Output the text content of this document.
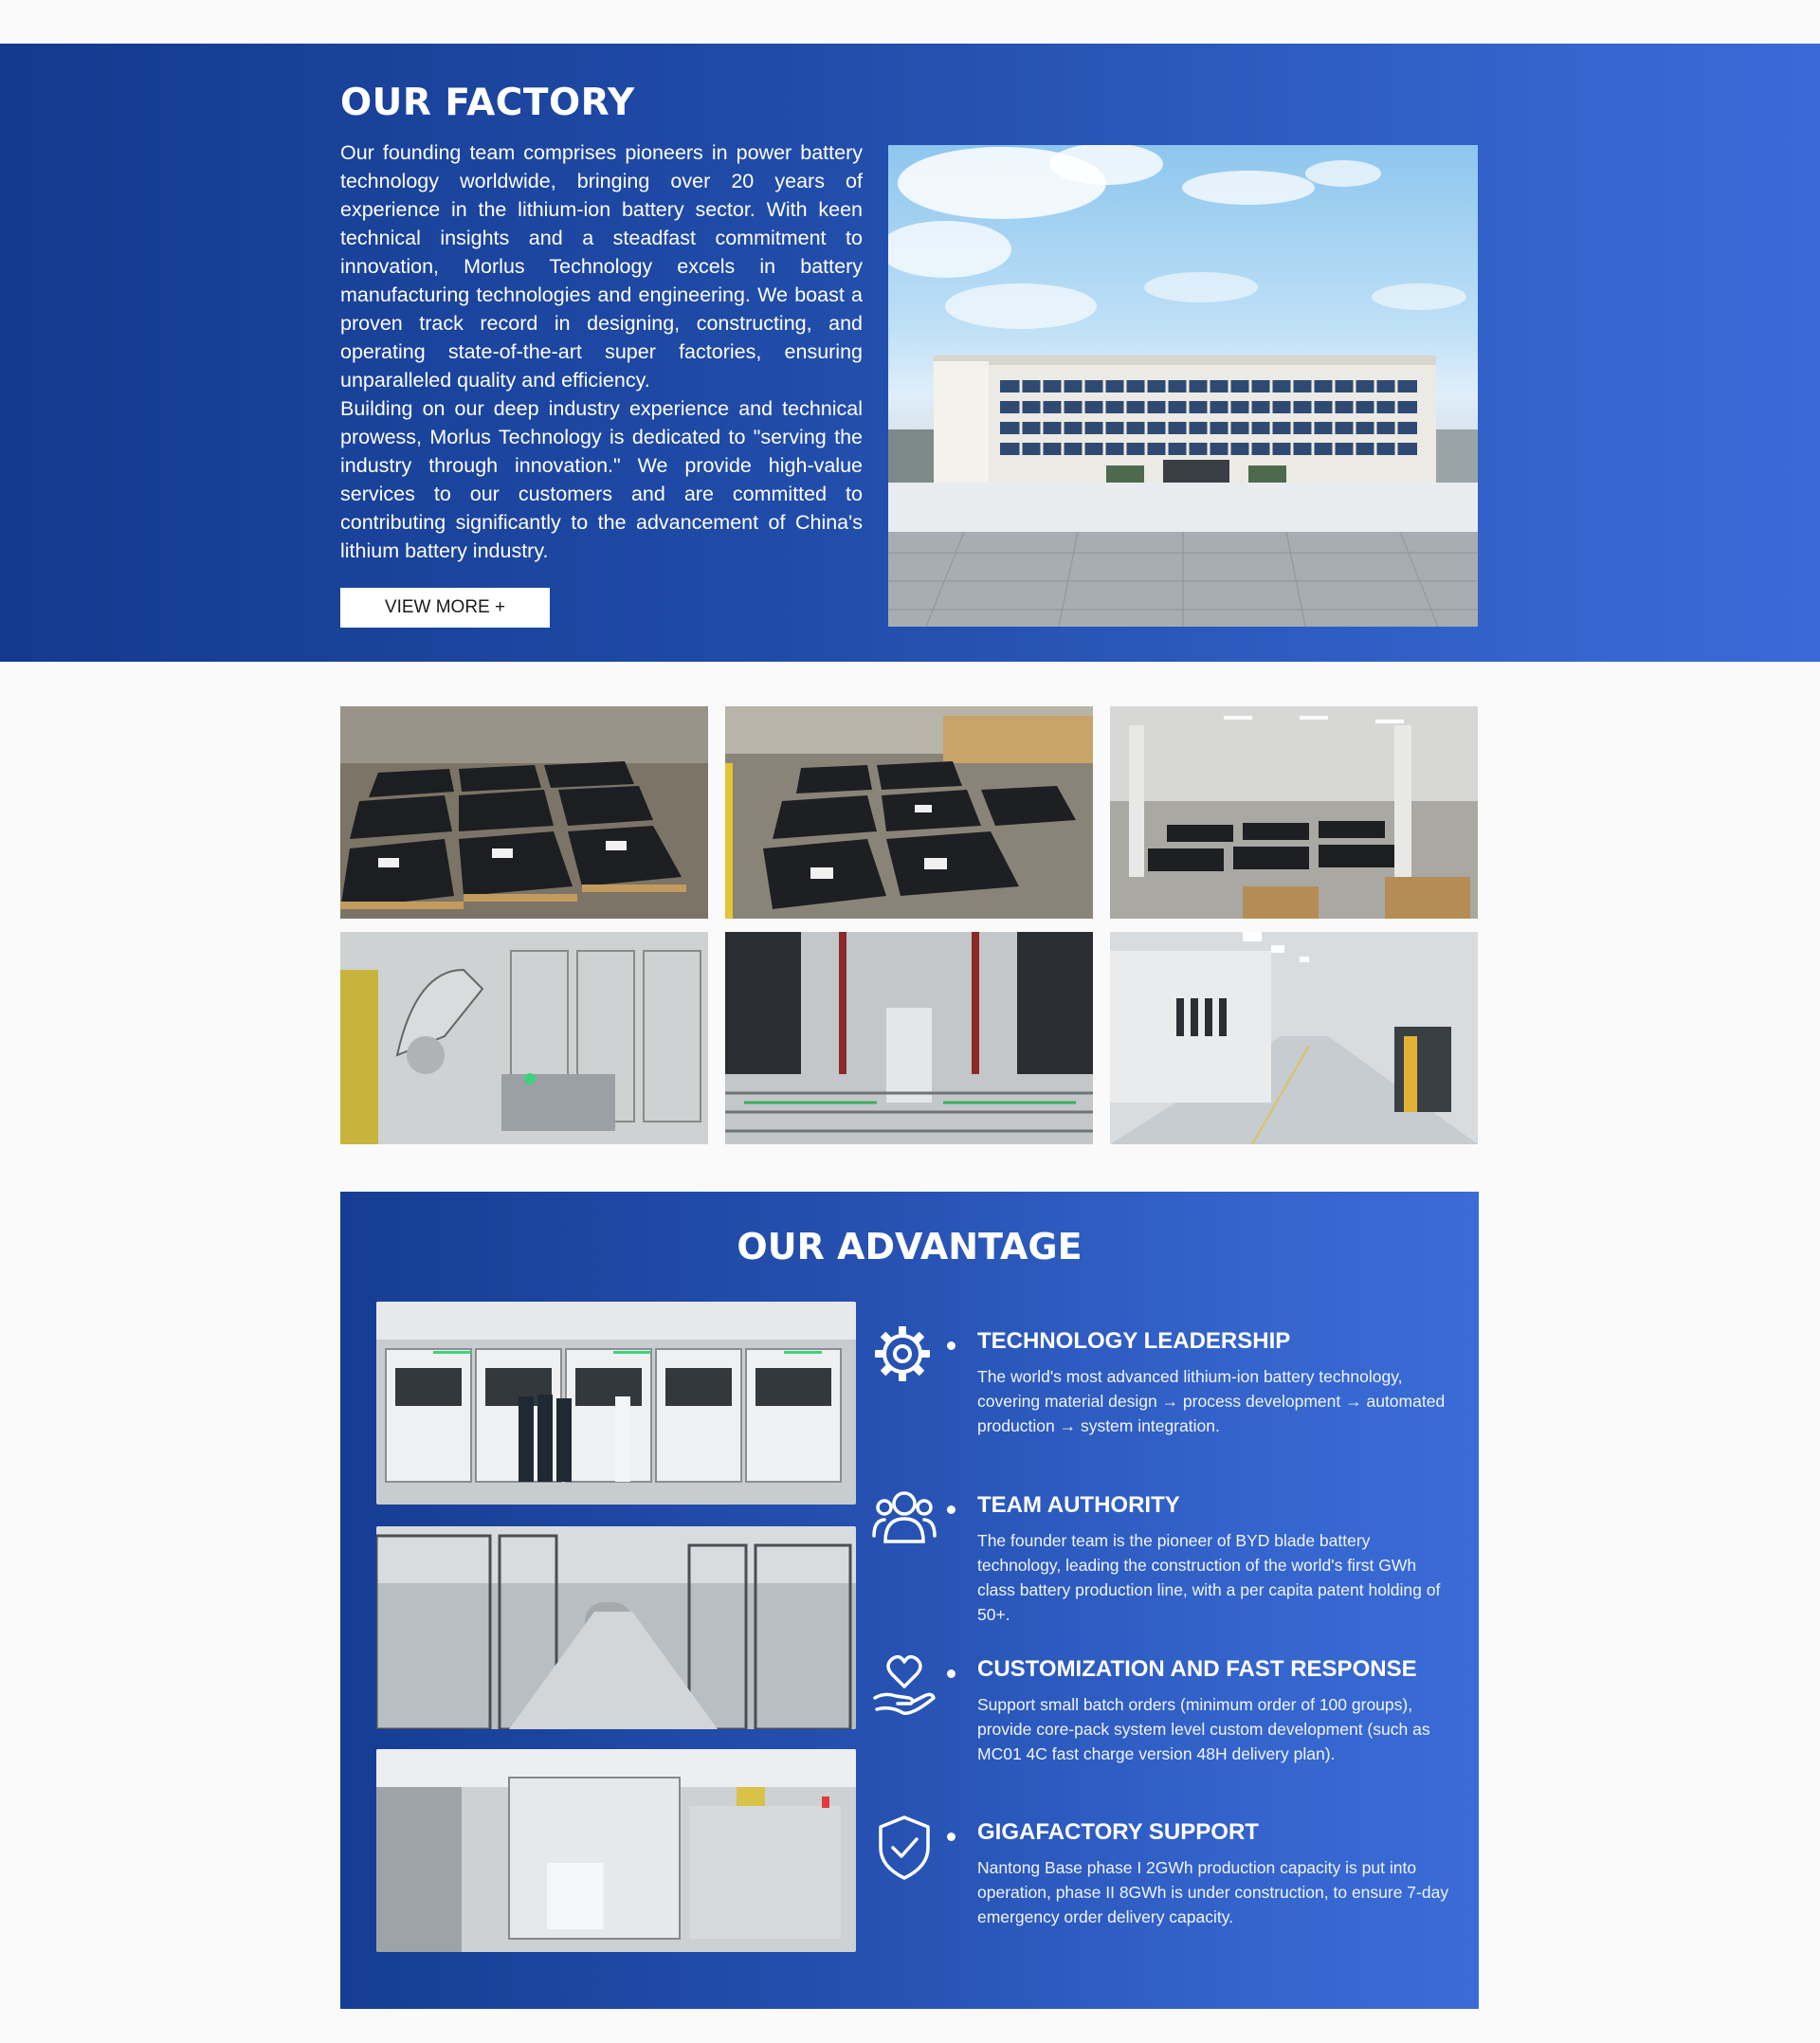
OUR FACTORY

Our founding team comprises pioneers in power battery technology worldwide, bringing over 20 years of experience in the lithium-ion battery sector. With keen technical insights and a steadfast commitment to innovation, Morlus Technology excels in battery manufacturing technologies and engineering. We boast a proven track record in designing, constructing, and operating state-of-the-art super factories, ensuring unparalleled quality and efficiency.

Building on our deep industry experience and technical prowess, Morlus Technology is dedicated to "serving the industry through innovation." We provide high-value services to our customers and are committed to contributing significantly to the advancement of China's lithium battery industry.

VIEW MORE +
OUR ADVANTAGE
TECHNOLOGY LEADERSHIP

The world's most advanced lithium-ion battery technology, covering material design → process development → automated production → system integration.

TEAM AUTHORITY

The founder team is the pioneer of BYD blade battery technology, leading the construction of the world's first GWh class battery production line, with a per capita patent holding of 50+.

CUSTOMIZATION AND FAST RESPONSE

Support small batch orders (minimum order of 100 groups), provide core-pack system level custom development (such as MC01 4C fast charge version 48H delivery plan).

GIGAFACTORY SUPPORT

Nantong Base phase I 2GWh production capacity is put into operation, phase II 8GWh is under construction, to ensure 7-day emergency order delivery capacity.
